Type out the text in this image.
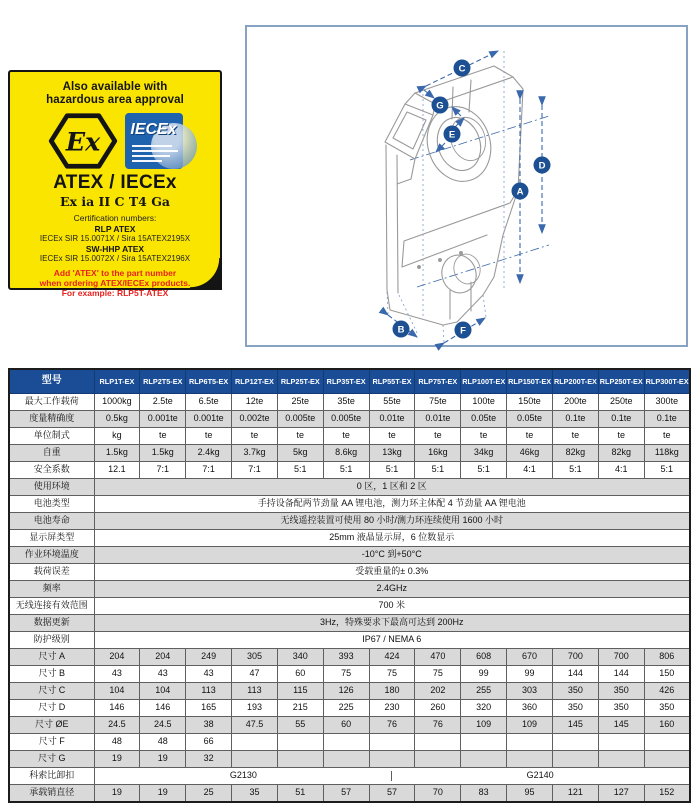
Also available with
hazardous area approval
Ex	IECEx
ATEX / IECEx
Ex ia II C T4 Ga
Certification numbers:
RLP ATEX
IECEx SIR 15.0071X / Sira 15ATEX2195X
SW-HHP ATEX
IECEx SIR 15.0072X / Sira 15ATEX2196X
Add 'ATEX' to the part number
when ordering ATEX/IECEx products.
For example: RLP5T-ATEX
C
A
D
E
G
B	F
型号	RLP1T-EX	RLP2T5-EX	RLP6T5-EX	RLP12T-EX	RLP25T-EX	RLP35T-EX	RLP55T-EX	RLP75T-EX	RLP100T-EX	RLP150T-EX	RLP200T-EX	RLP250T-EX	RLP300T-EX
最大工作载荷	1000kg	2.5te	6.5te	12te	25te	35te	55te	75te	100te	150te	200te	250te	300te
度量精确度	0.5kg	0.001te	0.001te	0.002te	0.005te	0.005te	0.01te	0.01te	0.05te	0.05te	0.1te	0.1te	0.1te
单位制式	kg	te	te	te	te	te	te	te	te	te	te	te	te
自重	1.5kg	1.5kg	2.4kg	3.7kg	5kg	8.6kg	13kg	16kg	34kg	46kg	82kg	82kg	118kg
安全系数	12.1	7:1	7:1	7:1	5:1	5:1	5:1	5:1	5:1	4:1	5:1	4:1	5:1
使用环境	0 区，1 区和 2 区												
电池类型	手持设备配两节劲量 AA 锂电池，测力环主体配 4 节劲量 AA 锂电池												
电池寿命	无线遥控装置可使用 80 小时/测力环连续使用 1600 小时												
显示屏类型	25mm 液晶显示屏，6 位数显示												
作业环境温度	-10°C 到+50°C												
载荷误差	受载重量的± 0.3%												
频率	2.4GHz												
无线连接有效范围	700 米												
数据更新	3Hz，特殊要求下最高可达到 200Hz												
防护级别	IP67 / NEMA 6												
尺寸 A	204	204	249	305	340	393	424	470	608	670	700	700	806
尺寸 B	43	43	43	47	60	75	75	75	99	99	144	144	150
尺寸 C	104	104	113	113	115	126	180	202	255	303	350	350	426
尺寸 D	146	146	165	193	215	225	230	260	320	360	350	350	350
尺寸 ØE	24.5	24.5	38	47.5	55	60	76	76	109	109	145	145	160
尺寸 F	48	48	66										
尺寸 G	19	19	32										
科索比卸扣	G2130 G2140												

承载销直径	19	19	25	35	51	57	57	70	83	95	121	127	152
